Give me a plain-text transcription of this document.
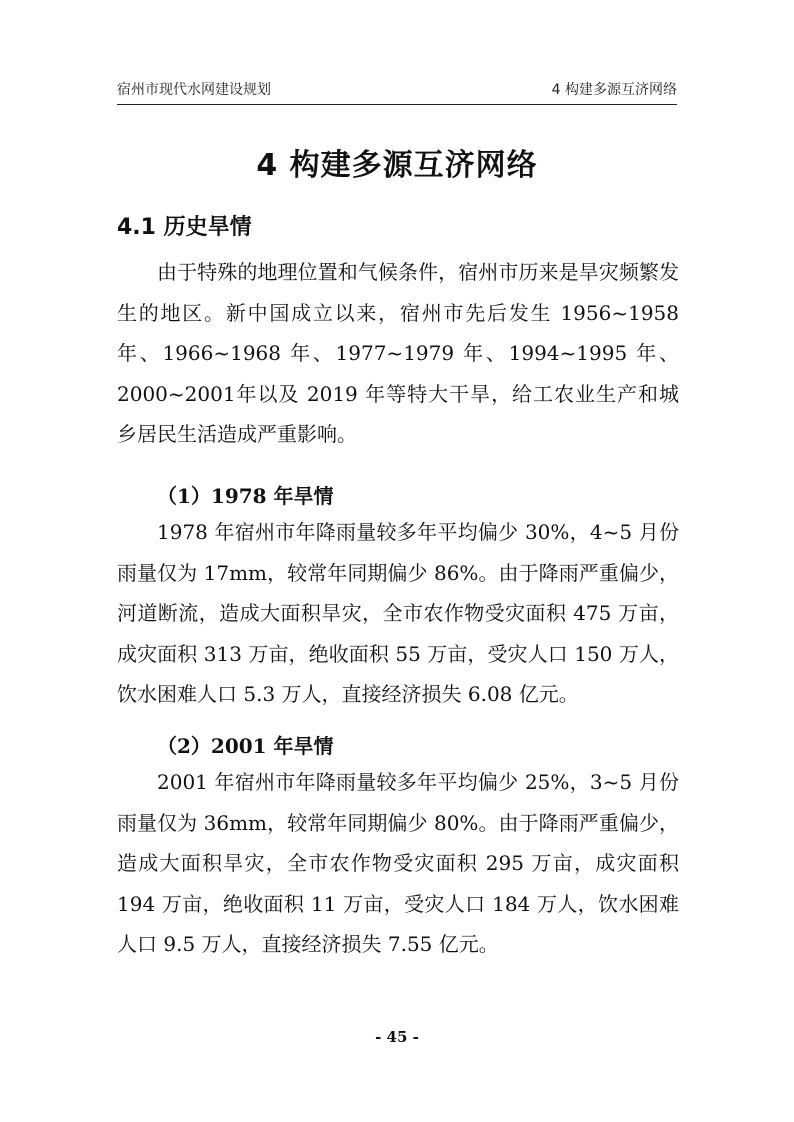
宿州市现代水网建设规划	4 构建多源互济网络
4 构建多源互济网络
4.1 历史旱情

由于特殊的地理位置和气候条件，宿州市历来是旱灾频繁发生的地区。新中国成立以来，宿州市先后发生 1956~1958年、1966~1968 年、1977~1979 年、1994~1995 年、2000~2001年以及 2019 年等特大干旱，给工农业生产和城乡居民生活造成严重影响。

（1）1978 年旱情

1978 年宿州市年降雨量较多年平均偏少 30%，4~5 月份雨量仅为 17mm，较常年同期偏少 86%。由于降雨严重偏少，河道断流，造成大面积旱灾，全市农作物受灾面积 475 万亩，成灾面积 313 万亩，绝收面积 55 万亩，受灾人口 150 万人，饮水困难人口 5.3 万人，直接经济损失 6.08 亿元。

（2）2001 年旱情

2001 年宿州市年降雨量较多年平均偏少 25%，3~5 月份雨量仅为 36mm，较常年同期偏少 80%。由于降雨严重偏少，造成大面积旱灾，全市农作物受灾面积 295 万亩，成灾面积194 万亩，绝收面积 11 万亩，受灾人口 184 万人，饮水困难人口 9.5 万人，直接经济损失 7.55 亿元。

- 45 -
